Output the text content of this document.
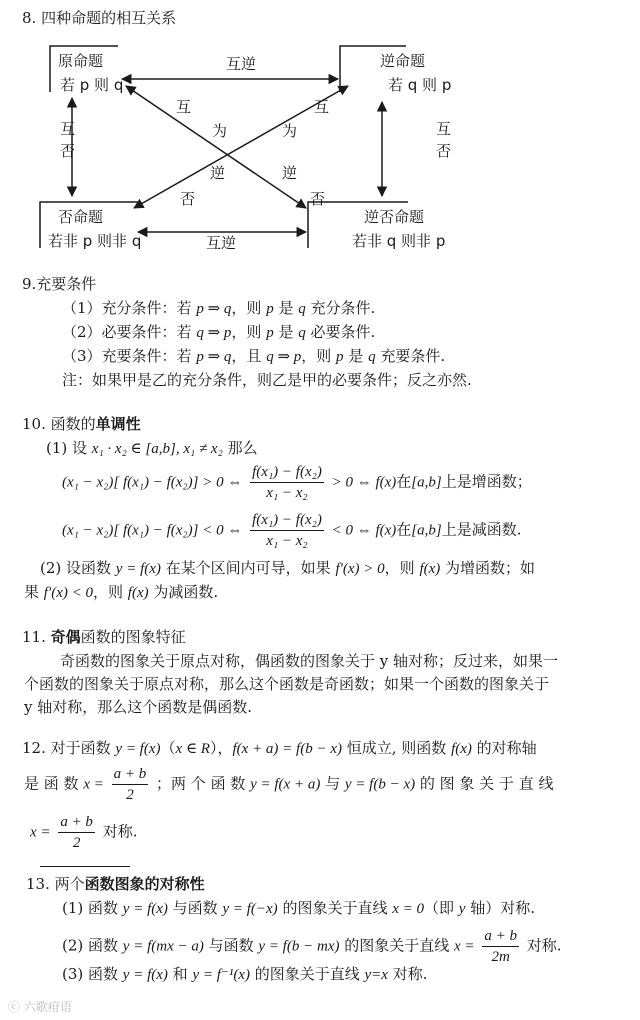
8. 四种命题的相互关系
原命题
若 p 则 q
逆命题
若 q 则 p
否命题
若非 p 则非 q
逆否命题
若非 q 则非 p
互逆
互逆
互
否
互
否
互
为
逆
否
互
为
逆
否
9.充要条件
（1）充分条件：若 p ⇒ q，则 p 是 q 充分条件.
（2）必要条件：若 q ⇒ p，则 p 是 q 必要条件.
（3）充要条件：若 p ⇒ q，且 q ⇒ p，则 p 是 q 充要条件.
注：如果甲是乙的充分条件，则乙是甲的必要条件；反之亦然.
10. 函数的单调性
(1) 设 x₁ · x₂ ∈ [a,b], x₁ ≠ x₂ 那么
(x₁ − x₂)[ f(x₁) − f(x₂)] > 0 ⇔ $\frac{\text{f(x₁) − f(x₂)}}{\text{x₁ − x₂}} > 0$ ⇔ f(x)在[a,b]上是增函数；
(x₁ − x₂)[ f(x₁) − f(x₂)] < 0 ⇔ $\frac{\text{f(x₁) − f(x₂)}}{\text{x₁ − x₂}} < 0$ ⇔ f(x)在[a,b]上是减函数.
(2) 设函数 y = f(x) 在某个区间内可导，如果 f′(x) > 0，则 f(x) 为增函数；如
果 f′(x) < 0，则 f(x) 为减函数.
11. 奇偶函数的图象特征
奇函数的图象关于原点对称，偶函数的图象关于 y 轴对称；反过来，如果一
个函数的图象关于原点对称，那么这个函数是奇函数；如果一个函数的图象关于
y 轴对称，那么这个函数是偶函数.
12. 对于函数 y = f(x)（x ∈ R），f(x + a) = f(b − x) 恒成立, 则函数 f(x) 的对称轴
是 函 数 $x = \frac{a + b}{2}$ ；两 个 函 数 y = f(x + a) 与 y = f(b − x) 的 图 象 关 于 直 线
$x = \frac{a + b}{2}$ 对称.
13. 两个函数图象的对称性
(1) 函数 y = f(x) 与函数 y = f(−x) 的图象关于直线 x = 0（即 y 轴）对称.
(2) 函数 y = f(mx − a) 与函数 y = f(b − mx) 的图象关于直线 $x = \frac{a + b}{2m}$ 对称.
(3) 函数 y = f(x) 和 y = f⁻¹(x) 的图象关于直线 y=x 对称.
ⓒ 六歌疳语
